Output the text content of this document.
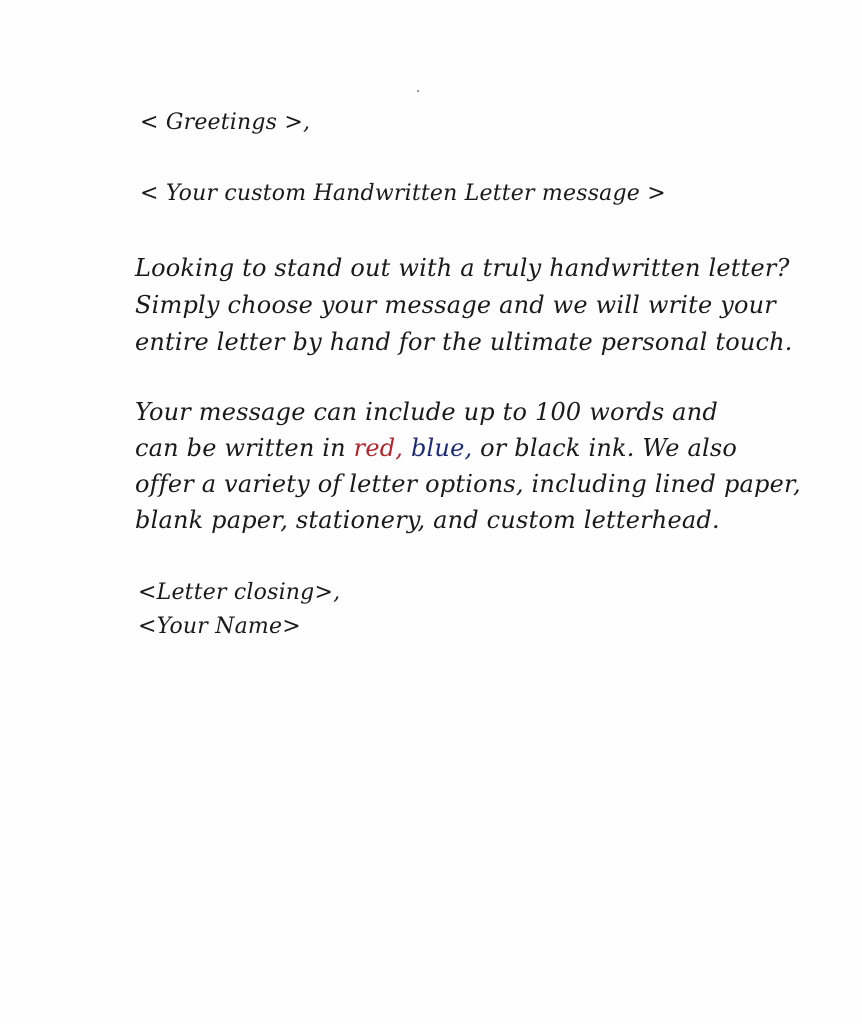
< Greetings >,
< Your custom Handwritten Letter message >
Looking to stand out with a truly handwritten letter?
Simply choose your message and we will write your
entire letter by hand for the ultimate personal touch.
Your message can include up to 100 words and
can be written in red, blue, or black ink. We also
offer a variety of letter options, including lined paper,
blank paper, stationery, and custom letterhead.
<Letter closing>,
<Your Name>
